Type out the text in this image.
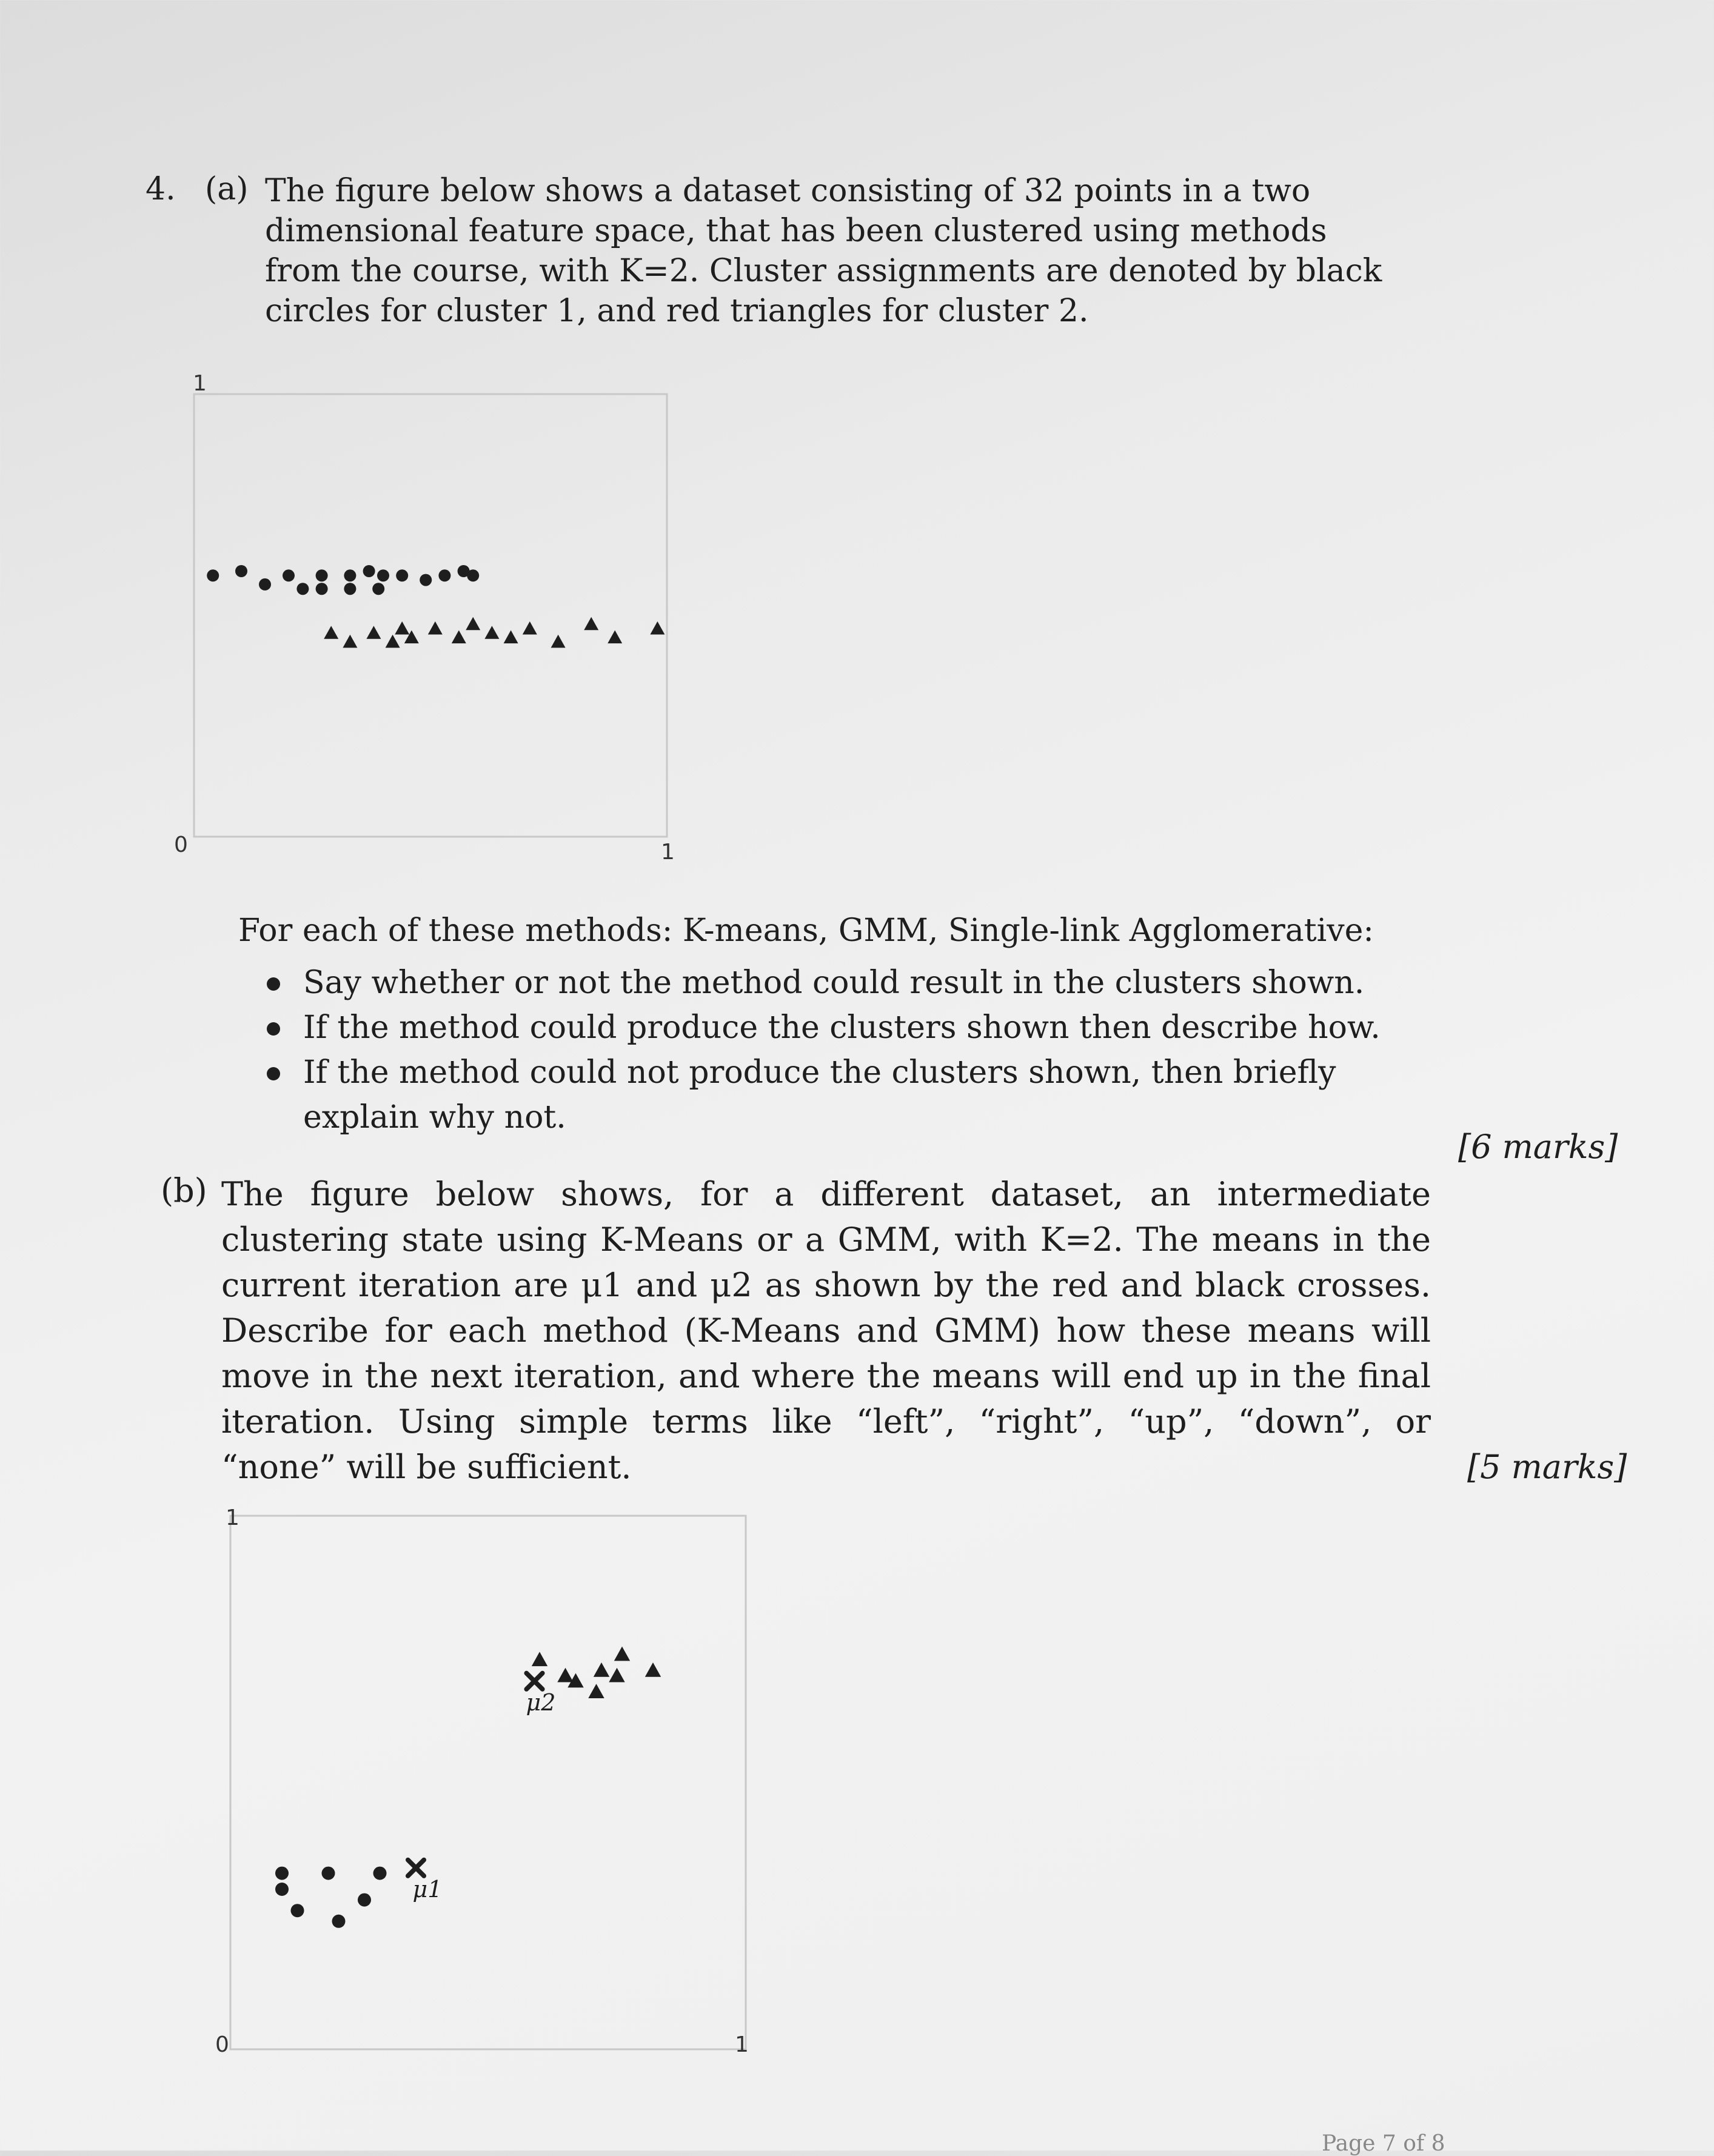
4. (a) The figure below shows a dataset consisting of 32 points in a two dimensional feature space, that has been clustered using methods from the course, with K=2. Cluster assignments are denoted by black circles for cluster 1, and red triangles for cluster 2.
1
0	1
For each of these methods: K-means, GMM, Single-link Agglomerative:
Say whether or not the method could result in the clusters shown.
If the method could produce the clusters shown then describe how.
If the method could not produce the clusters shown, then briefly explain why not.
[6 marks]
(b) The figure below shows, for a different dataset, an intermediate clustering state using K-Means or a GMM, with K=2. The means in the current iteration are μ1 and μ2 as shown by the red and black crosses. Describe for each method (K-Means and GMM) how these means will move in the next iteration, and where the means will end up in the final iteration. Using simple terms like “left”, “right”, “up”, “down”, or “none” will be sufficient.	[5 marks]
μ1
μ2
1
0	1
Page 7 of 8
